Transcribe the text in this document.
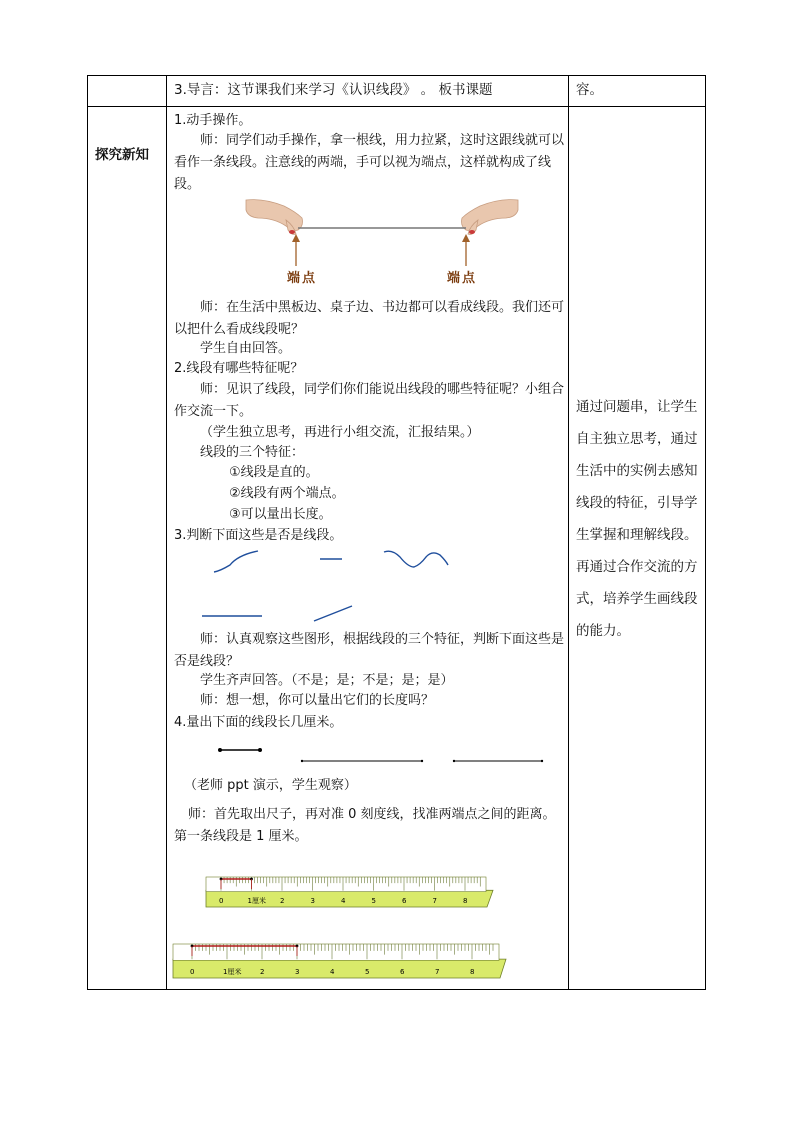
3.导言：这节课我们来学习《认识线段》 。 板书课题	容。
探究新知
1.动手操作。
师：同学们动手操作，拿一根线，用力拉紧，这时这跟线就可以看作一条线段。注意线的两端，手可以视为端点，这样就构成了线段。
端点	端点
师：在生活中黑板边、桌子边、书边都可以看成线段。我们还可以把什么看成线段呢？
学生自由回答。
2.线段有哪些特征呢？
师：见识了线段，同学们你们能说出线段的哪些特征呢？小组合作交流一下。
（学生独立思考，再进行小组交流，汇报结果。）
线段的三个特征：
①线段是直的。
②线段有两个端点。
③可以量出长度。
3.判断下面这些是否是线段。
师：认真观察这些图形，根据线段的三个特征，判断下面这些是否是线段？
学生齐声回答。（不是；是；不是；是；是）
师：想一想，你可以量出它们的长度吗？
4.量出下面的线段长几厘米。
（老师 ppt 演示，学生观察）
师：首先取出尺子，再对准 0 刻度线，找准两端点之间的距离。第一条线段是 1 厘米。
0	1厘米 2	3	4	5	6	7	8
0	1厘米	2	3	4	5	6	7	8
通过问题串，让学生自主独立思考，通过生活中的实例去感知线段的特征，引导学生掌握和理解线段。再通过合作交流的方式，培养学生画线段的能力。
